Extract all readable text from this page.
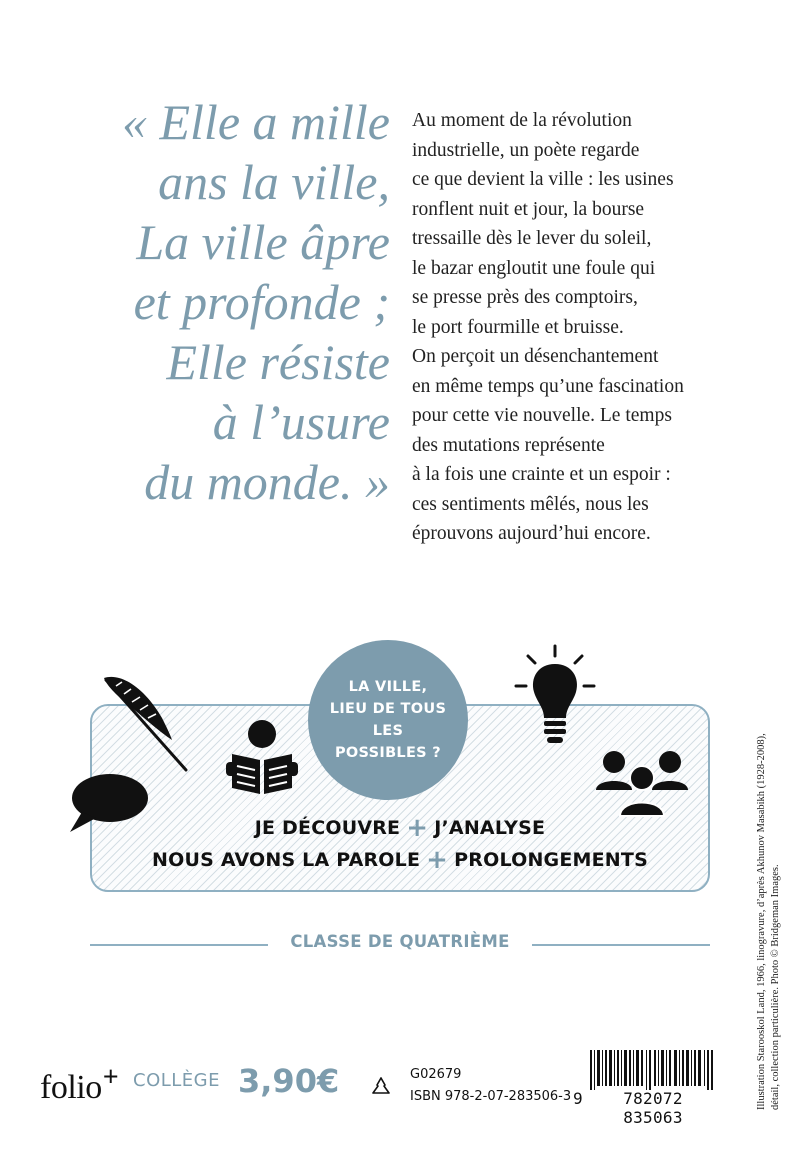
« Elle a mille
ans la ville,
La ville âpre
et profonde ;
Elle résiste
à l’usure
du monde. »
Au moment de la révolution
industrielle, un poète regarde
ce que devient la ville : les usines
ronflent nuit et jour, la bourse
tressaille dès le lever du soleil,
le bazar engloutit une foule qui
se presse près des comptoirs,
le port fourmille et bruisse.
On perçoit un désenchantement
en même temps qu’une fascination
pour cette vie nouvelle. Le temps
des mutations représente
à la fois une crainte et un espoir :
ces sentiments mêlés, nous les
éprouvons aujourd’hui encore.
LA VILLE,
LIEU DE TOUS
LES
POSSIBLES ?
JE DÉCOUVRE + J’ANALYSE
NOUS AVONS LA PAROLE + PROLONGEMENTS
CLASSE DE QUATRIÈME
folio+ COLLÈGE 3,90€	G02679
ISBN 978-2-07-283506-3 9	782072 835063
Illustration Starooskol Land, 1966, linogravure, d’après Akhunov Masabikh (1928-2008), détail, collection particulière. Photo © Bridgeman Images.
